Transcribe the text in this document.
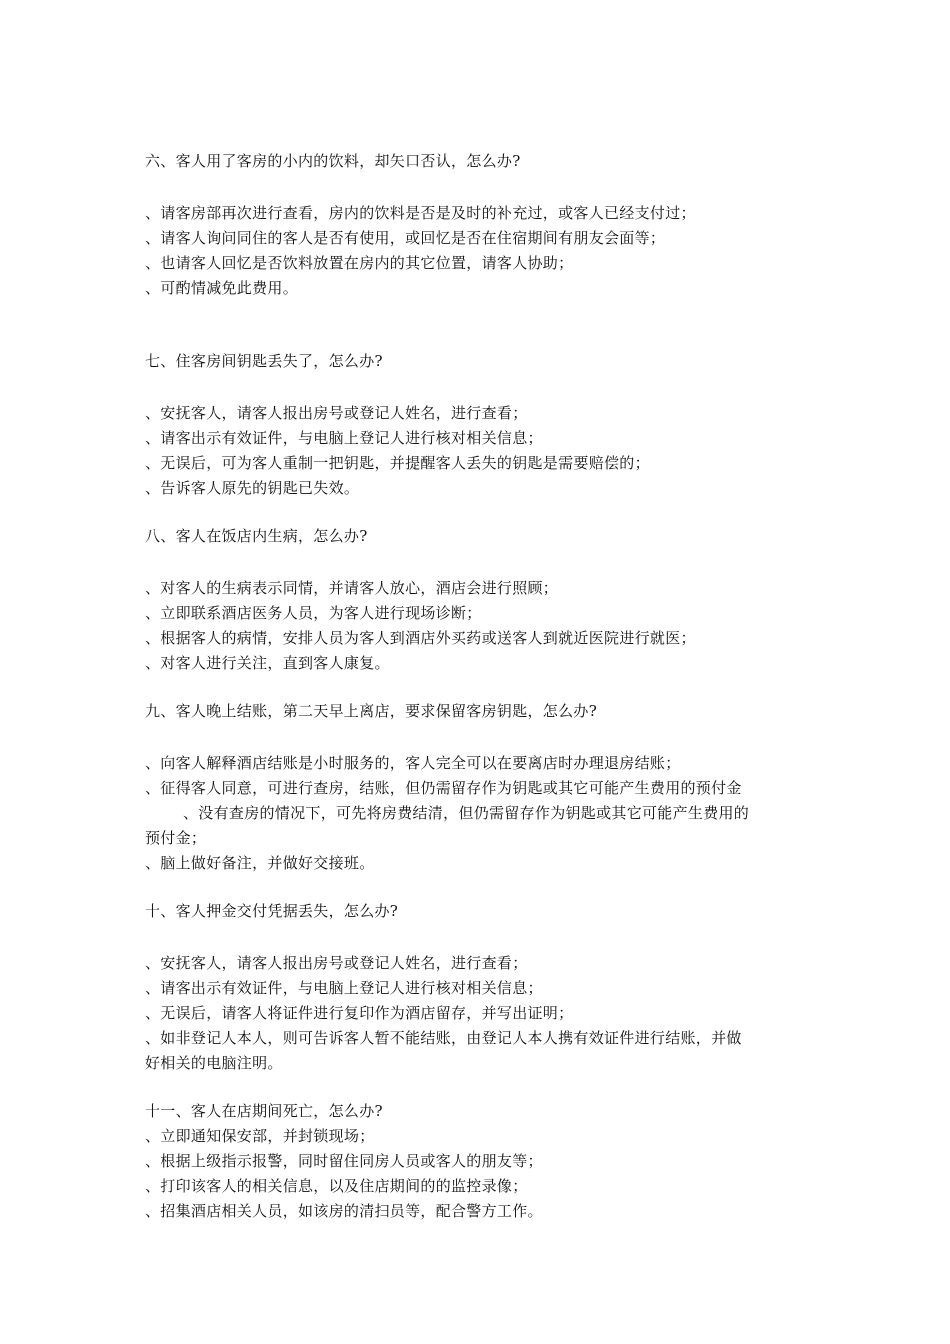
六、客人用了客房的小内的饮料，却矢口否认，怎么办?
、请客房部再次进行查看，房内的饮料是否是及时的补充过，或客人已经支付过；
、请客人询问同住的客人是否有使用，或回忆是否在住宿期间有朋友会面等；
、也请客人回忆是否饮料放置在房内的其它位置，请客人协助；
、可酌情减免此费用。
七、住客房间钥匙丢失了，怎么办?
、安抚客人，请客人报出房号或登记人姓名，进行查看；
、请客出示有效证件，与电脑上登记人进行核对相关信息；
、无误后，可为客人重制一把钥匙，并提醒客人丢失的钥匙是需要赔偿的；
、告诉客人原先的钥匙已失效。
八、客人在饭店内生病，怎么办?
、对客人的生病表示同情，并请客人放心，酒店会进行照顾；
、立即联系酒店医务人员，为客人进行现场诊断；
、根据客人的病情，安排人员为客人到酒店外买药或送客人到就近医院进行就医；
、对客人进行关注，直到客人康复。
九、客人晚上结账，第二天早上离店，要求保留客房钥匙，怎么办?
、向客人解释酒店结账是小时服务的，客人完全可以在要离店时办理退房结账；
、征得客人同意，可进行查房，结账，但仍需留存作为钥匙或其它可能产生费用的预付金
、没有查房的情况下，可先将房费结清，但仍需留存作为钥匙或其它可能产生费用的
预付金；
、脑上做好备注，并做好交接班。
十、客人押金交付凭据丢失，怎么办?
、安抚客人，请客人报出房号或登记人姓名，进行查看；
、请客出示有效证件，与电脑上登记人进行核对相关信息；
、无误后，请客人将证件进行复印作为酒店留存，并写出证明；
、如非登记人本人，则可告诉客人暂不能结账，由登记人本人携有效证件进行结账，并做
好相关的电脑注明。
十一、客人在店期间死亡，怎么办?
、立即通知保安部，并封锁现场；
、根据上级指示报警，同时留住同房人员或客人的朋友等；
、打印该客人的相关信息，以及住店期间的的监控录像；
、招集酒店相关人员，如该房的清扫员等，配合警方工作。
